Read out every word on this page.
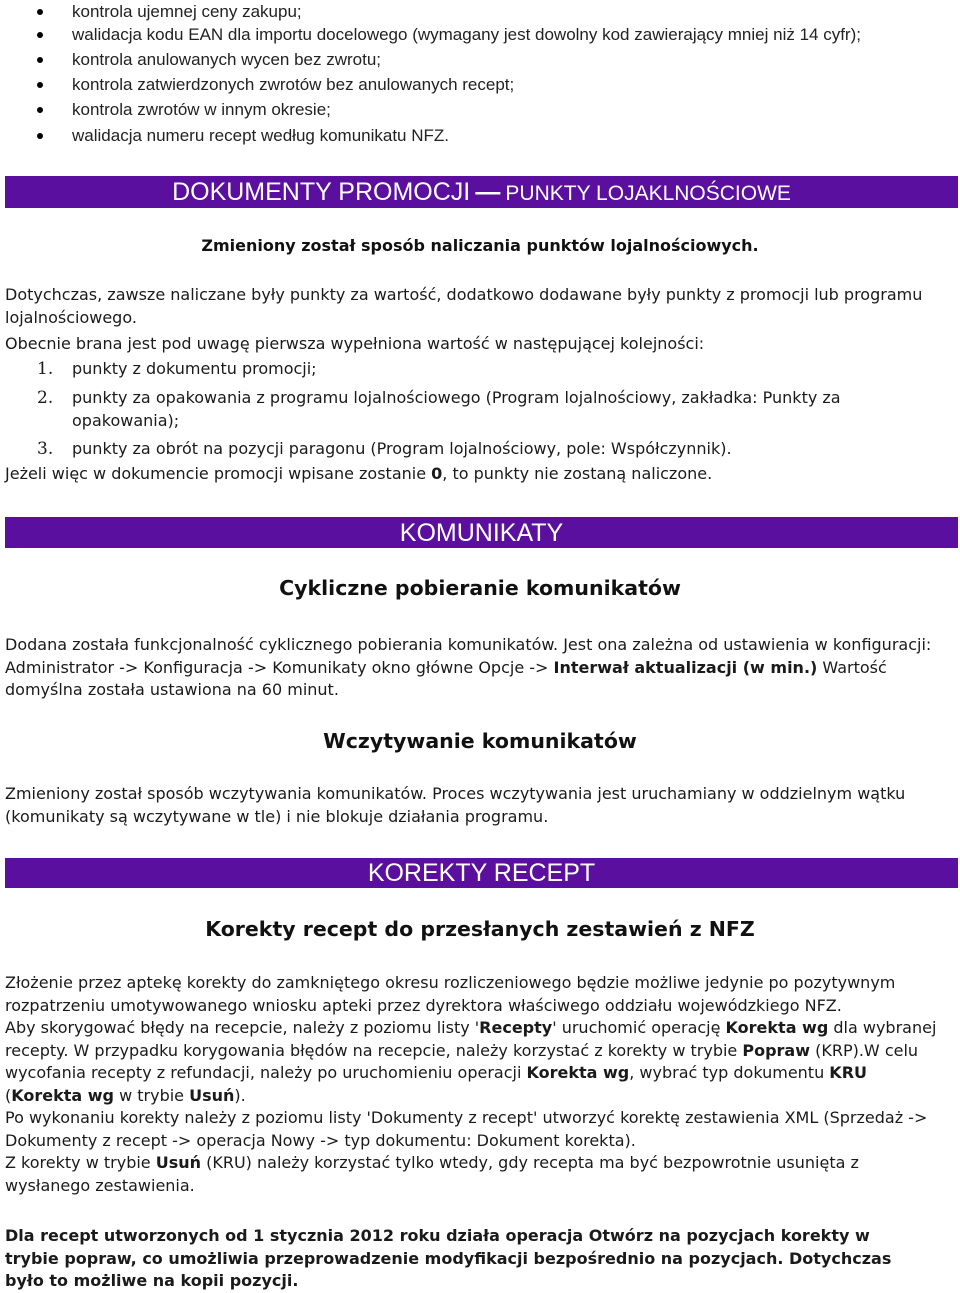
kontrola ujemnej ceny zakupu;
walidacja kodu EAN dla importu docelowego (wymagany jest dowolny kod zawierający mniej niż 14 cyfr);
kontrola anulowanych wycen bez zwrotu;
kontrola zatwierdzonych zwrotów bez anulowanych recept;
kontrola zwrotów w innym okresie;
walidacja numeru recept według komunikatu NFZ.
DOKUMENTY PROMOCJI — PUNKTY LOJAKLNOŚCIOWE
Zmieniony został sposób naliczania punktów lojalnościowych.
Dotychczas, zawsze naliczane były punkty za wartość, dodatkowo dodawane były punkty z promocji lub programu
lojalnościowego.
Obecnie brana jest pod uwagę pierwsza wypełniona wartość w następującej kolejności:
1. punkty z dokumentu promocji;
2. punkty za opakowania z programu lojalnościowego (Program lojalnościowy, zakładka: Punkty za
opakowania);
3. punkty za obrót na pozycji paragonu (Program lojalnościowy, pole: Współczynnik).
Jeżeli więc w dokumencie promocji wpisane zostanie 0, to punkty nie zostaną naliczone.
KOMUNIKATY
Cykliczne pobieranie komunikatów
Dodana została funkcjonalność cyklicznego pobierania komunikatów. Jest ona zależna od ustawienia w konfiguracji:
Administrator -> Konfiguracja -> Komunikaty okno główne Opcje -> Interwał aktualizacji (w min.) Wartość
domyślna została ustawiona na 60 minut.
Wczytywanie komunikatów
Zmieniony został sposób wczytywania komunikatów. Proces wczytywania jest uruchamiany w oddzielnym wątku
(komunikaty są wczytywane w tle) i nie blokuje działania programu.
KOREKTY RECEPT
Korekty recept do przesłanych zestawień z NFZ
Złożenie przez aptekę korekty do zamkniętego okresu rozliczeniowego będzie możliwe jedynie po pozytywnym
rozpatrzeniu umotywowanego wniosku apteki przez dyrektora właściwego oddziału wojewódzkiego NFZ.
Aby skorygować błędy na recepcie, należy z poziomu listy 'Recepty' uruchomić operację Korekta wg dla wybranej
recepty. W przypadku korygowania błędów na recepcie, należy korzystać z korekty w trybie Popraw (KRP).W celu
wycofania recepty z refundacji, należy po uruchomieniu operacji Korekta wg, wybrać typ dokumentu KRU
(Korekta wg w trybie Usuń).
Po wykonaniu korekty należy z poziomu listy 'Dokumenty z recept' utworzyć korektę zestawienia XML (Sprzedaż ->
Dokumenty z recept -> operacja Nowy -> typ dokumentu: Dokument korekta).
Z korekty w trybie Usuń (KRU) należy korzystać tylko wtedy, gdy recepta ma być bezpowrotnie usunięta z
wysłanego zestawienia.
Dla recept utworzonych od 1 stycznia 2012 roku działa operacja Otwórz na pozycjach korekty w
trybie popraw, co umożliwia przeprowadzenie modyfikacji bezpośrednio na pozycjach. Dotychczas
było to możliwe na kopii pozycji.
